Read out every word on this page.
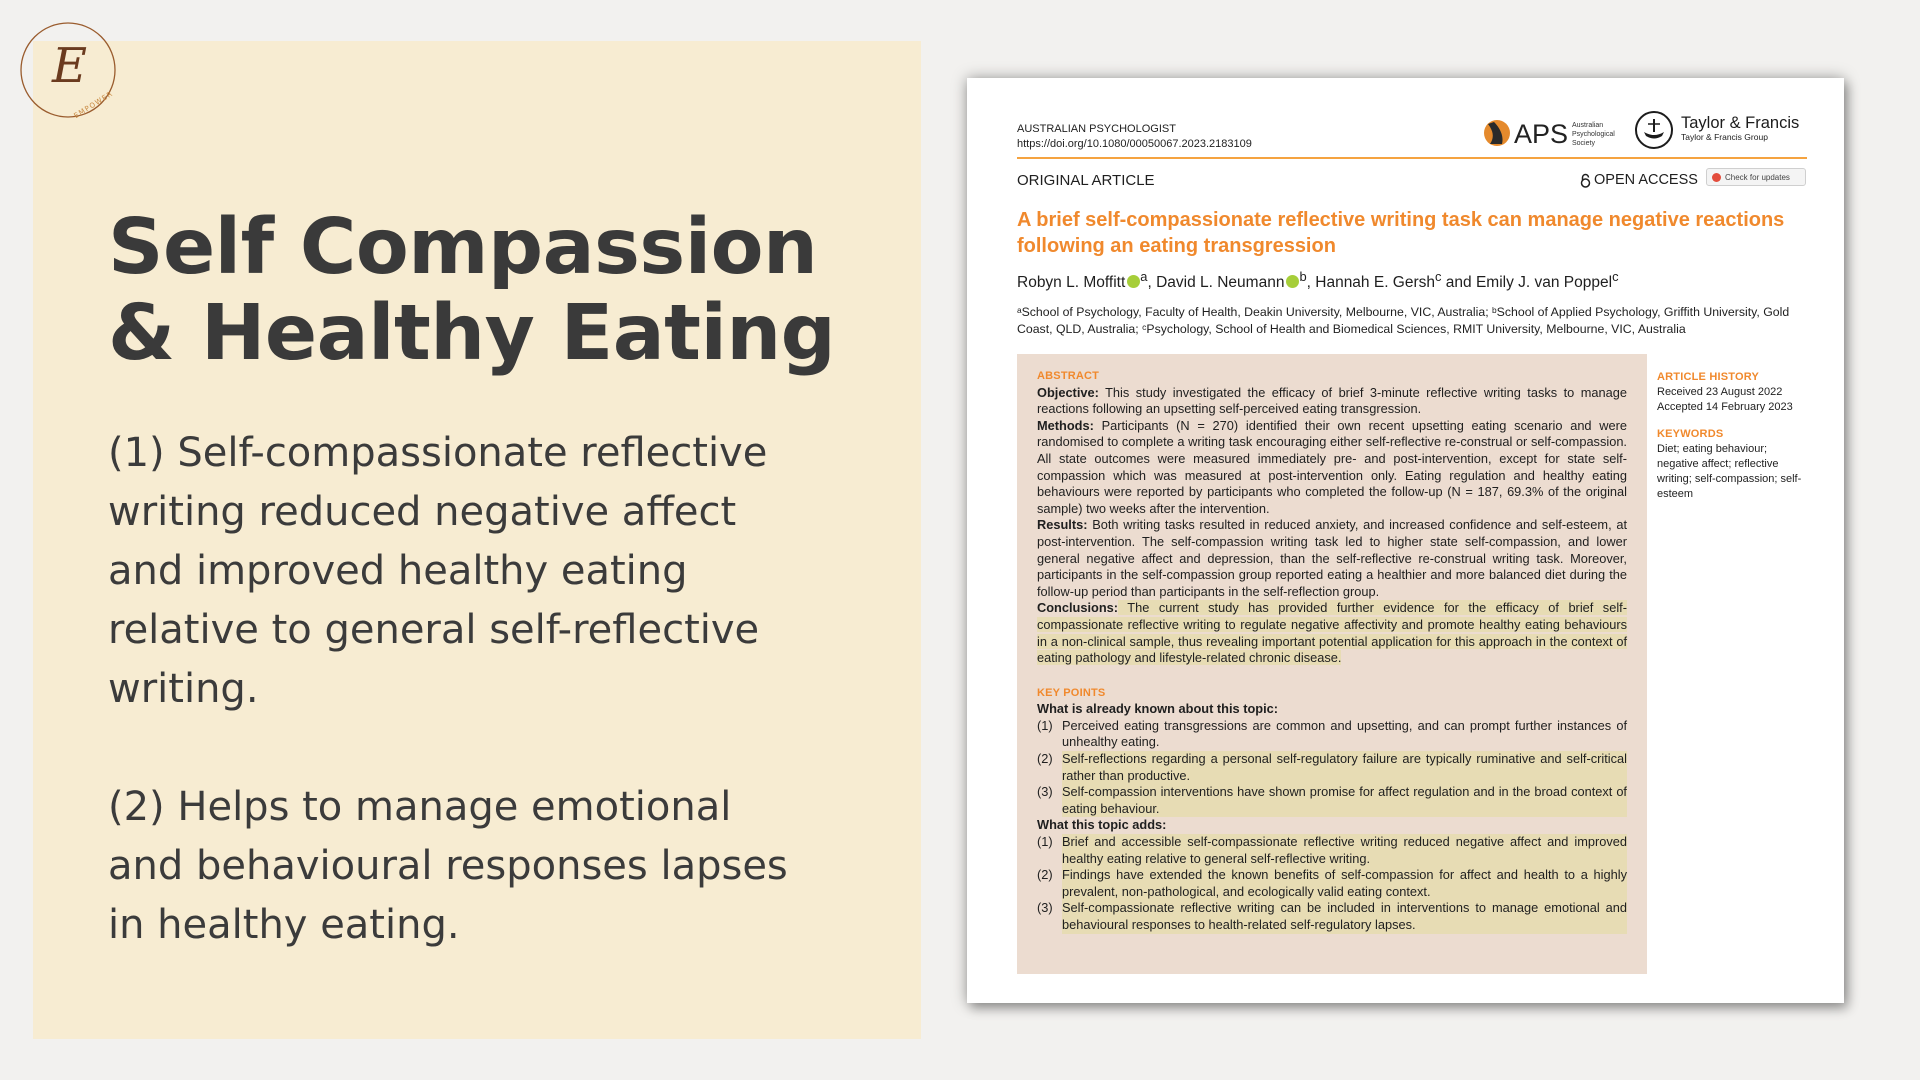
E
EMPOWER
Self Compassion
& Healthy Eating
(1) Self-compassionate reflective writing reduced negative affect and improved healthy eating relative to general self-reflective writing.
(2) Helps to manage emotional and behavioural responses lapses in healthy eating.
AUSTRALIAN PSYCHOLOGIST
https://doi.org/10.1080/00050067.2023.2183109	APS Australian
Psychological
Society
Taylor & Francis
Taylor & Francis Group
ORIGINAL ARTICLE	OPEN ACCESS	Check for updates
A brief self-compassionate reflective writing task can manage negative reactions following an eating transgression
Robyn L. Moffitt $^a$, David L. Neumann $^b$, Hannah E. Gersh$^c$ and Emily J. van Poppel$^c$
ᵃSchool of Psychology, Faculty of Health, Deakin University, Melbourne, VIC, Australia; ᵇSchool of Applied Psychology, Griffith University, Gold Coast, QLD, Australia; ᶜPsychology, School of Health and Biomedical Sciences, RMIT University, Melbourne, VIC, Australia
ABSTRACT
Objective: This study investigated the efficacy of brief 3-minute reflective writing tasks to manage reactions following an upsetting self-perceived eating transgression.
Methods: Participants (N = 270) identified their own recent upsetting eating scenario and were randomised to complete a writing task encouraging either self-reflective re-construal or self-compassion. All state outcomes were measured immediately pre- and post-intervention, except for state self-compassion which was measured at post-intervention only. Eating regulation and healthy eating behaviours were reported by participants who completed the follow-up (N = 187, 69.3% of the original sample) two weeks after the intervention.
Results: Both writing tasks resulted in reduced anxiety, and increased confidence and self-esteem, at post-intervention. The self-compassion writing task led to higher state self-compassion, and lower general negative affect and depression, than the self-reflective re-construal writing task. Moreover, participants in the self-compassion group reported eating a healthier and more balanced diet during the follow-up period than participants in the self-reflection group.
Conclusions: The current study has provided further evidence for the efficacy of brief self-compassionate reflective writing to regulate negative affectivity and promote healthy eating behaviours in a non-clinical sample, thus revealing important potential application for this approach in the context of eating pathology and lifestyle-related chronic disease.
KEY POINTS
What is already known about this topic:
(1) Perceived eating transgressions are common and upsetting, and can prompt further instances of unhealthy eating.
(2) Self-reflections regarding a personal self-regulatory failure are typically ruminative and self-critical rather than productive.
(3) Self-compassion interventions have shown promise for affect regulation and in the broad context of eating behaviour.
What this topic adds:
(1) Brief and accessible self-compassionate reflective writing reduced negative affect and improved healthy eating relative to general self-reflective writing.
(2) Findings have extended the known benefits of self-compassion for affect and health to a highly prevalent, non-pathological, and ecologically valid eating context.
(3) Self-compassionate reflective writing can be included in interventions to manage emotional and behavioural responses to health-related self-regulatory lapses.
ARTICLE HISTORY
Received 23 August 2022
Accepted 14 February 2023
KEYWORDS
Diet; eating behaviour; negative affect; reflective writing; self-compassion; self-esteem
